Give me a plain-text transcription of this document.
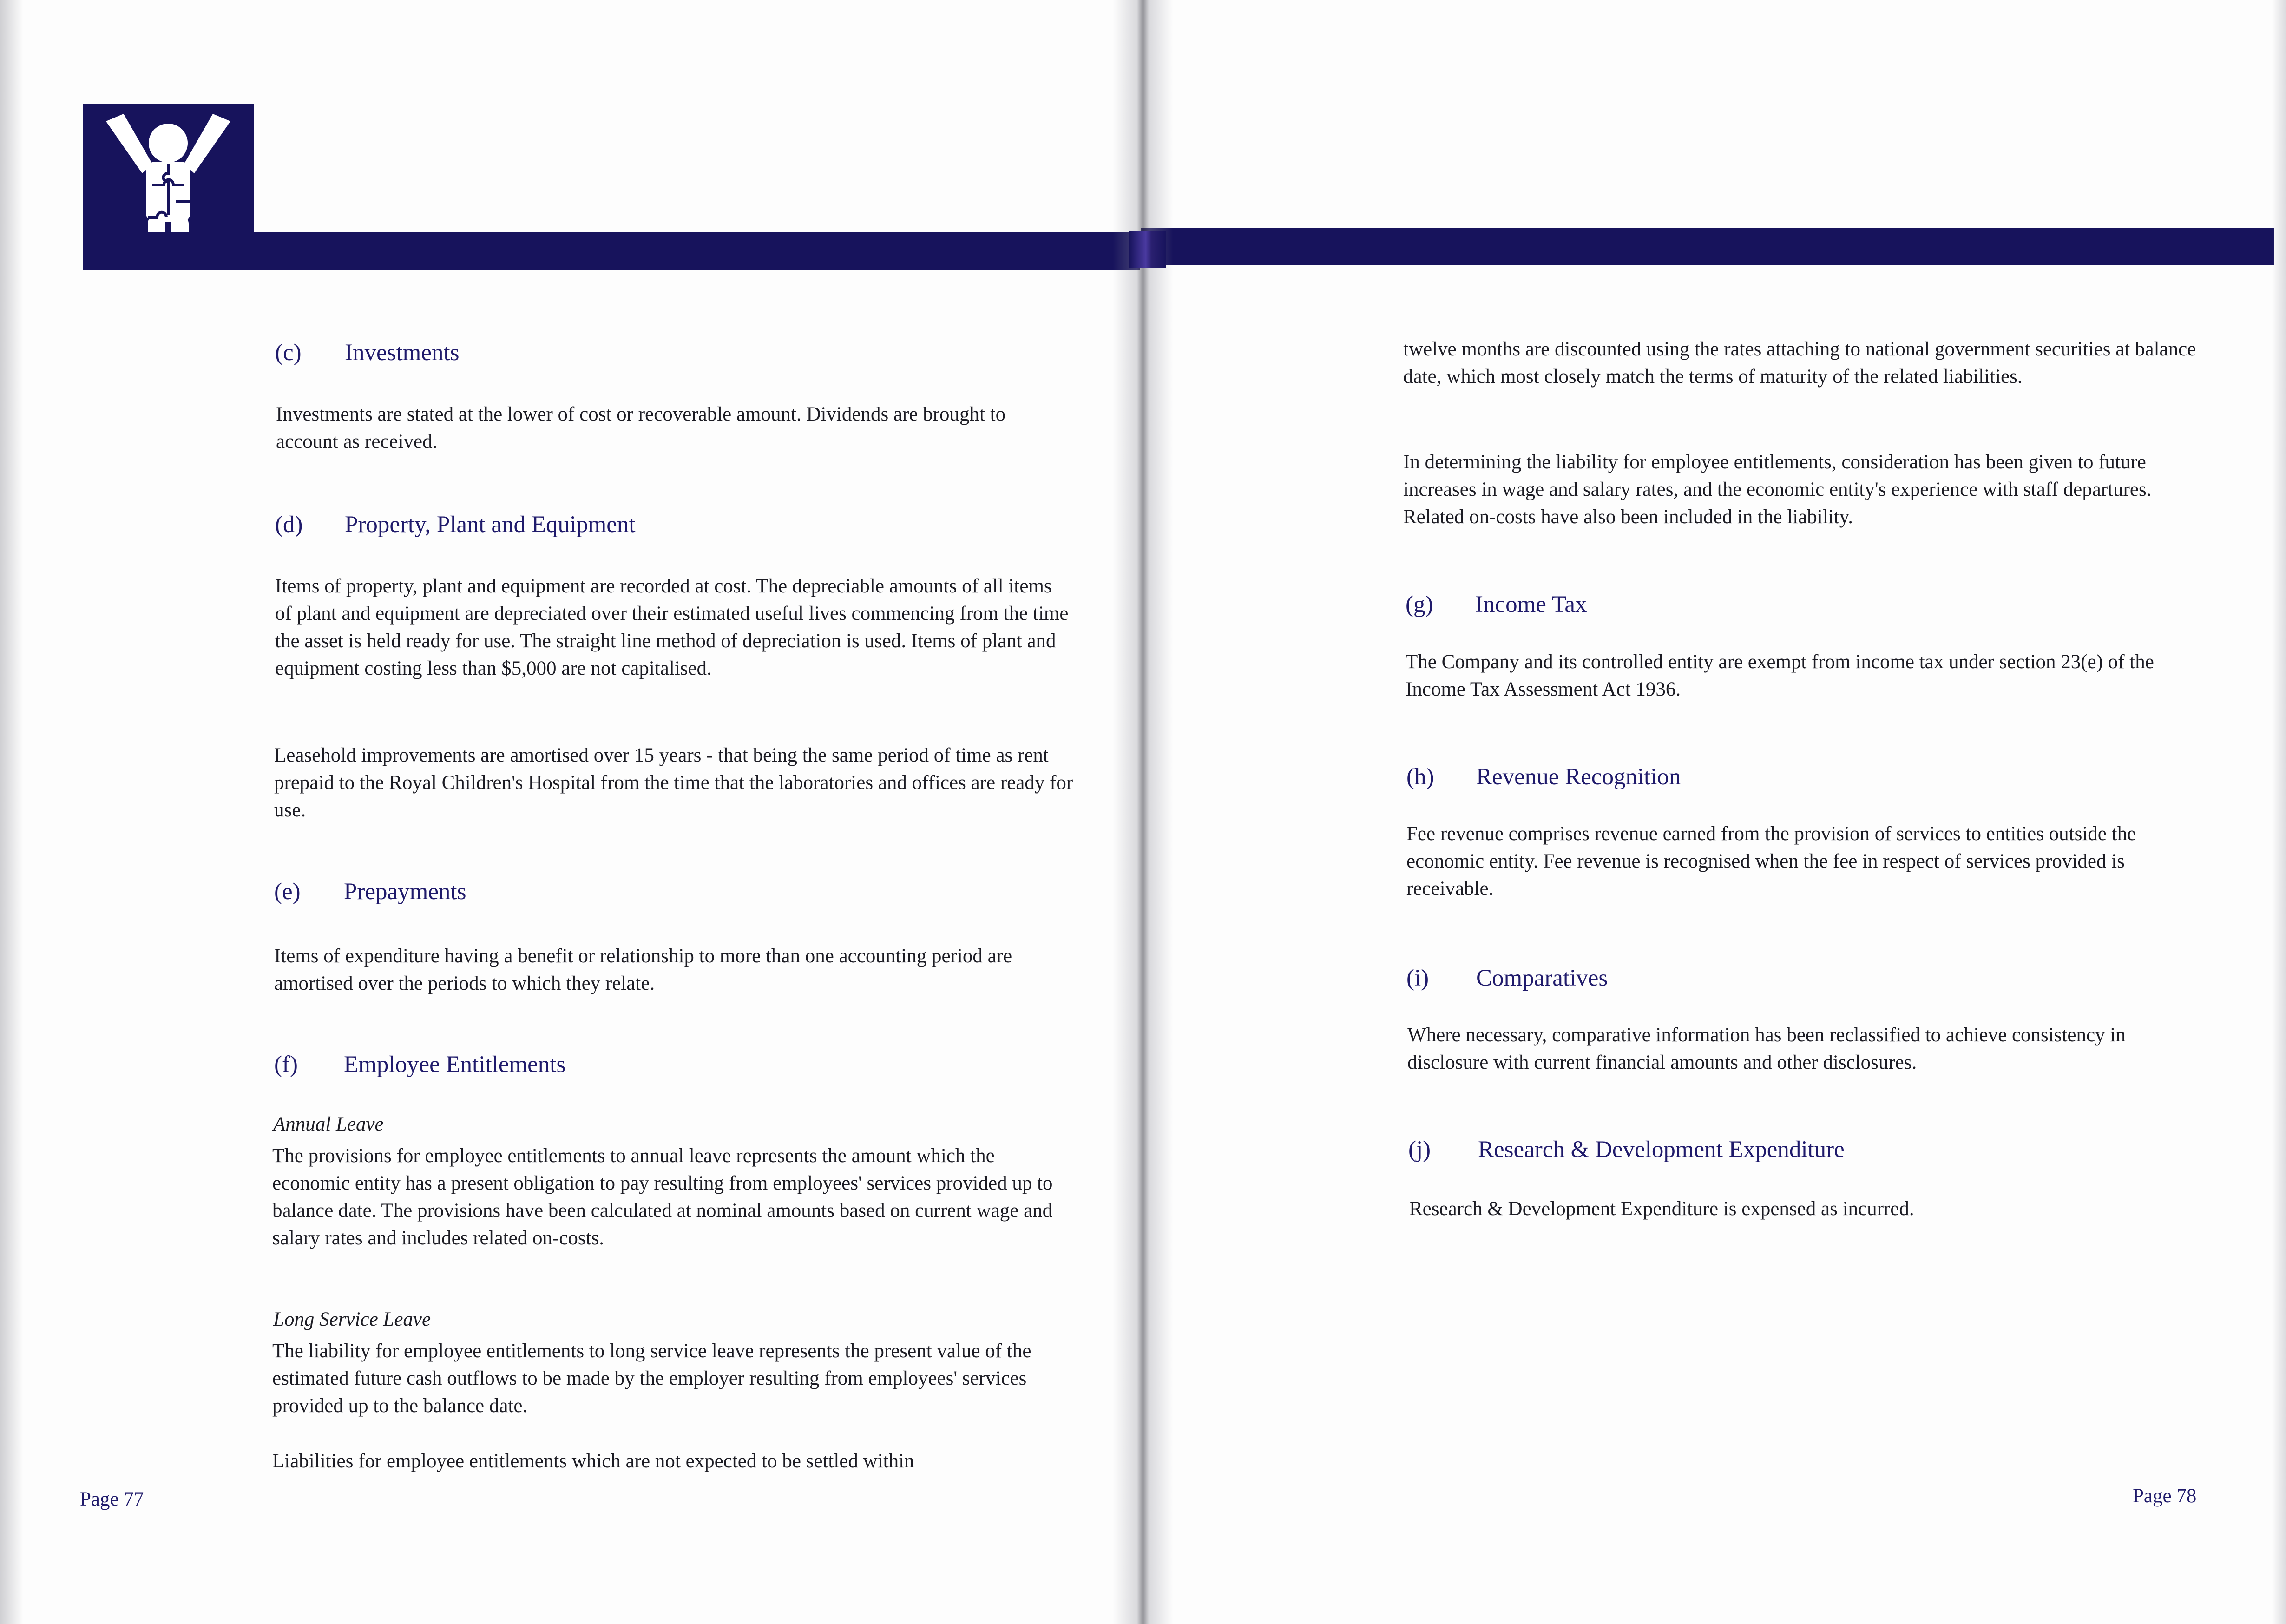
(c) Investments

Investments are stated at the lower of cost or recoverable amount. Dividends are brought to account as received.

(d) Property, Plant and Equipment

Items of property, plant and equipment are recorded at cost. The depreciable amounts of all items of plant and equipment are depreciated over their estimated useful lives commencing from the time the asset is held ready for use. The straight line method of depreciation is used. Items of plant and equipment costing less than $5,000 are not capitalised.

Leasehold improvements are amortised over 15 years - that being the same period of time as rent prepaid to the Royal Children's Hospital from the time that the laboratories and offices are ready for use.

(e) Prepayments

Items of expenditure having a benefit or relationship to more than one accounting period are amortised over the periods to which they relate.

(f) Employee Entitlements

Annual Leave

The provisions for employee entitlements to annual leave represents the amount which the economic entity has a present obligation to pay resulting from employees' services provided up to balance date. The provisions have been calculated at nominal amounts based on current wage and salary rates and includes related on-costs.

Long Service Leave

The liability for employee entitlements to long service leave represents the present value of the estimated future cash outflows to be made by the employer resulting from employees' services provided up to the balance date.

Liabilities for employee entitlements which are not expected to be settled within

Page 77

twelve months are discounted using the rates attaching to national government securities at balance date, which most closely match the terms of maturity of the related liabilities.

In determining the liability for employee entitlements, consideration has been given to future increases in wage and salary rates, and the economic entity's experience with staff departures. Related on-costs have also been included in the liability.

(g) Income Tax

The Company and its controlled entity are exempt from income tax under section 23(e) of the Income Tax Assessment Act 1936.

(h) Revenue Recognition

Fee revenue comprises revenue earned from the provision of services to entities outside the economic entity. Fee revenue is recognised when the fee in respect of services provided is receivable.

(i) Comparatives

Where necessary, comparative information has been reclassified to achieve consistency in disclosure with current financial amounts and other disclosures.

(j) Research & Development Expenditure

Research & Development Expenditure is expensed as incurred.

Page 78
